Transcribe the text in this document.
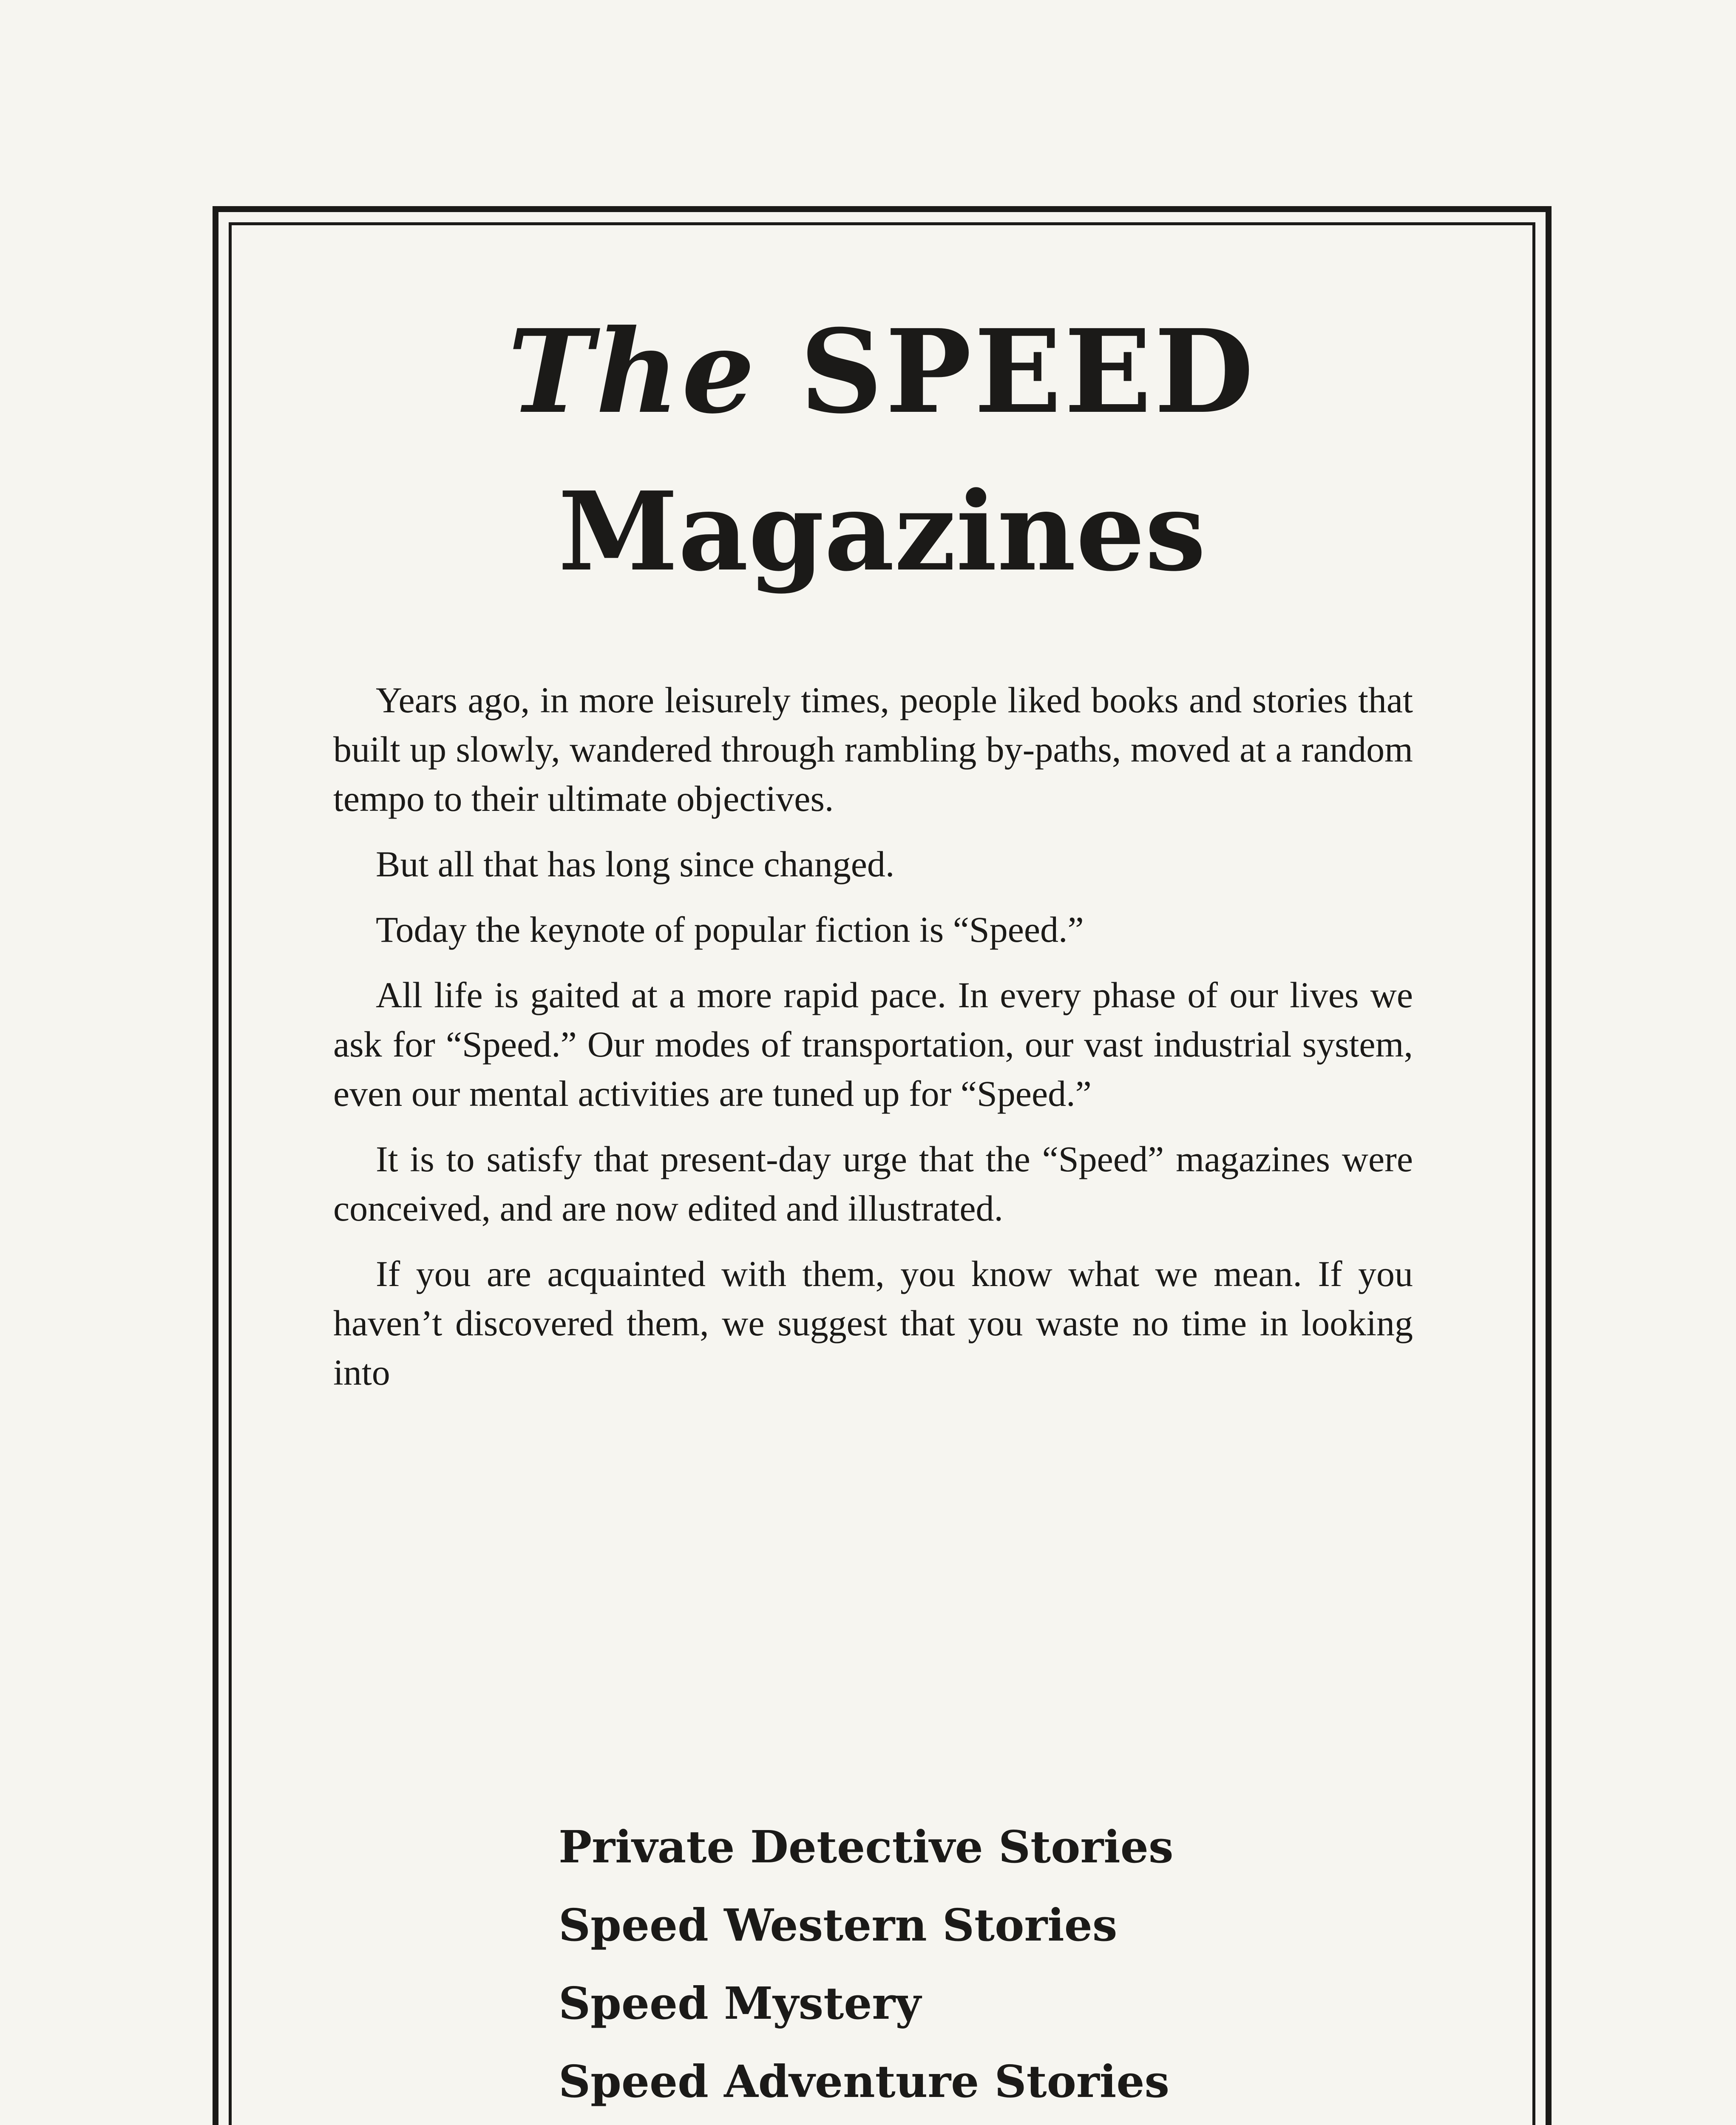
The SPEED
Magazines

Years ago, in more leisurely times, people liked books and stories that built up slowly, wandered through rambling by-paths, moved at a random tempo to their ultimate objectives.

But all that has long since changed.

Today the keynote of popular fiction is “Speed.”

All life is gaited at a more rapid pace. In every phase of our lives we ask for “Speed.” Our modes of transportation, our vast industrial system, even our mental activities are tuned up for “Speed.”

It is to satisfy that present-day urge that the “Speed” magazines were conceived, and are now edited and illustrated.

If you are acquainted with them, you know what we mean. If you haven’t discovered them, we suggest that you waste no time in looking into

Private Detective Stories
Speed Western Stories
Speed Mystery
Speed Adventure Stories
